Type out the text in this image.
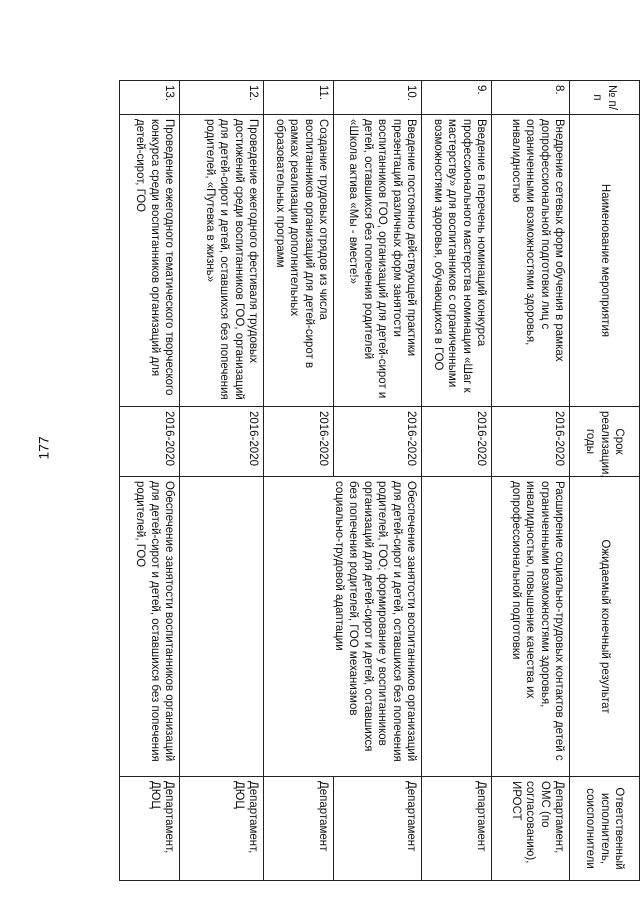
177
№ п/п	Наименование мероприятия	Срок реализации, годы	Ожидаемый конечный результат	Ответственный исполнитель, соисполнители
8.	Внедрение сетевых форм обучения в рамках допрофессиональной подготовки лиц с ограниченными возможностями здоровья, инвалидностью	2016-2020	Расширение социально-трудовых контактов детей с ограниченными возможностями здоровья, инвалидностью, повышение качества их допрофессиональной подготовки	Департамент, ОМС (по согласованию), ИРОСТ
9.	Введение в перечень номинаций конкурса профессионального мастерства номинации «Шаг к мастерству» для воспитанников с ограниченными возможностями здоровья, обучающихся в ГОО	2016-2020		Департамент
10.	Введение постоянно действующей практики презентаций различных форм занятости воспитанников ГОО, организаций для детей-сирот и детей, оставшихся без попечения родителей «Школа актива «Мы - вместе!»	2016-2020	Обеспечение занятости воспитанников организаций для детей-сирот и детей, оставшихся без попечения родителей, ГОО; формирование у воспитанников организаций для детей-сирот и детей, оставшихся без попечения родителей, ГОО механизмов социально-трудовой адаптации	Департамент
11.	Создание трудовых отрядов из числа воспитанников организаций для детей-сирот в рамках реализации дополнительных образовательных программ	2016-2020		Департамент
12.	Проведение ежегодного фестиваля трудовых достижений среди воспитанников ГОО, организаций для детей-сирот и детей, оставшихся без попечения родителей, «Путевка в жизнь»	2016-2020		Департамент, ДЮЦ
13.	Проведение ежегодного тематического творческого конкурса среди воспитанников организаций для детей-сирот, ГОО	2016-2020	Обеспечение занятости воспитанников организаций для детей-сирот и детей, оставшихся без попечения родителей, ГОО	Департамент, ДЮЦ
